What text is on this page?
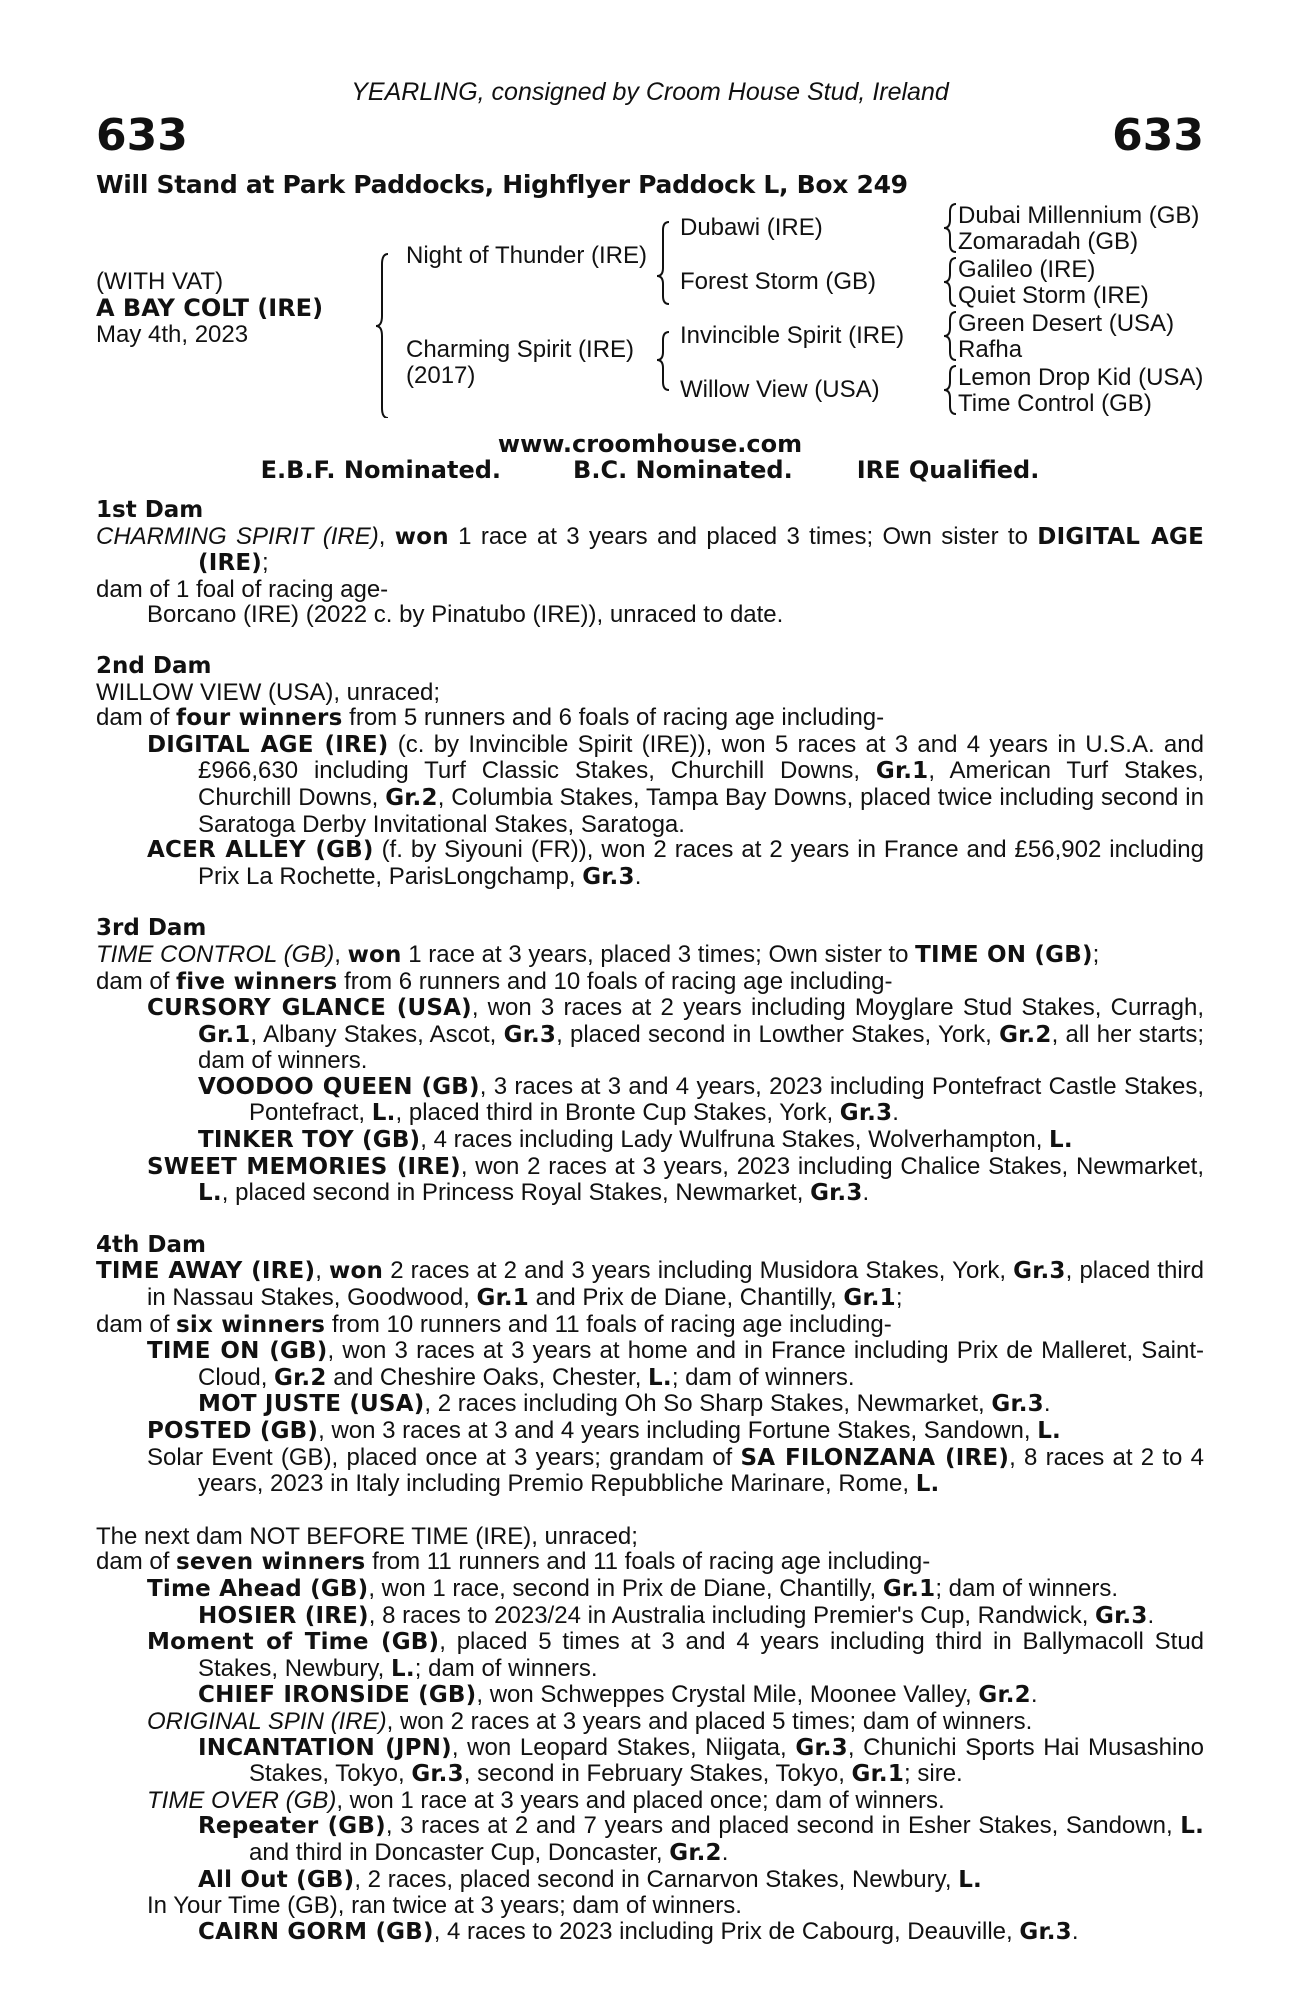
YEARLING, consigned by Croom House Stud, Ireland
633	633
Will Stand at Park Paddocks, Highflyer Paddock L, Box 249
(WITH VAT)
A BAY COLT (IRE)
May 4th, 2023
Night of Thunder (IRE)
Charming Spirit (IRE)
(2017)
Dubawi (IRE)
Forest Storm (GB)
Invincible Spirit (IRE)
Willow View (USA)
Dubai Millennium (GB)
Zomaradah (GB)
Galileo (IRE)
Quiet Storm (IRE)
Green Desert (USA)
Rafha
Lemon Drop Kid (USA)
Time Control (GB)
www.croomhouse.com
E.B.F. Nominated.	B.C. Nominated.	IRE Qualified.
1st Dam
CHARMING SPIRIT (IRE), won 1 race at 3 years and placed 3 times; Own sister to DIGITAL AGE (IRE);
dam of 1 foal of racing age-
Borcano (IRE) (2022 c. by Pinatubo (IRE)), unraced to date.
2nd Dam
WILLOW VIEW (USA), unraced;
dam of four winners from 5 runners and 6 foals of racing age including-
DIGITAL AGE (IRE) (c. by Invincible Spirit (IRE)), won 5 races at 3 and 4 years in U.S.A. and £966,630 including Turf Classic Stakes, Churchill Downs, Gr.1, American Turf Stakes, Churchill Downs, Gr.2, Columbia Stakes, Tampa Bay Downs, placed twice including second in Saratoga Derby Invitational Stakes, Saratoga.
ACER ALLEY (GB) (f. by Siyouni (FR)), won 2 races at 2 years in France and £56,902 including Prix La Rochette, ParisLongchamp, Gr.3.
3rd Dam
TIME CONTROL (GB), won 1 race at 3 years, placed 3 times; Own sister to TIME ON (GB);
dam of five winners from 6 runners and 10 foals of racing age including-
CURSORY GLANCE (USA), won 3 races at 2 years including Moyglare Stud Stakes, Curragh, Gr.1, Albany Stakes, Ascot, Gr.3, placed second in Lowther Stakes, York, Gr.2, all her starts; dam of winners.
VOODOO QUEEN (GB), 3 races at 3 and 4 years, 2023 including Pontefract Castle Stakes, Pontefract, L., placed third in Bronte Cup Stakes, York, Gr.3.
TINKER TOY (GB), 4 races including Lady Wulfruna Stakes, Wolverhampton, L.
SWEET MEMORIES (IRE), won 2 races at 3 years, 2023 including Chalice Stakes, Newmarket, L., placed second in Princess Royal Stakes, Newmarket, Gr.3.
4th Dam
TIME AWAY (IRE), won 2 races at 2 and 3 years including Musidora Stakes, York, Gr.3, placed third in Nassau Stakes, Goodwood, Gr.1 and Prix de Diane, Chantilly, Gr.1;
dam of six winners from 10 runners and 11 foals of racing age including-
TIME ON (GB), won 3 races at 3 years at home and in France including Prix de Malleret, Saint-Cloud, Gr.2 and Cheshire Oaks, Chester, L.; dam of winners.
MOT JUSTE (USA), 2 races including Oh So Sharp Stakes, Newmarket, Gr.3.
POSTED (GB), won 3 races at 3 and 4 years including Fortune Stakes, Sandown, L.
Solar Event (GB), placed once at 3 years; grandam of SA FILONZANA (IRE), 8 races at 2 to 4 years, 2023 in Italy including Premio Repubbliche Marinare, Rome, L.
The next dam NOT BEFORE TIME (IRE), unraced;
dam of seven winners from 11 runners and 11 foals of racing age including-
Time Ahead (GB), won 1 race, second in Prix de Diane, Chantilly, Gr.1; dam of winners.
HOSIER (IRE), 8 races to 2023/24 in Australia including Premier's Cup, Randwick, Gr.3.
Moment of Time (GB), placed 5 times at 3 and 4 years including third in Ballymacoll Stud Stakes, Newbury, L.; dam of winners.
CHIEF IRONSIDE (GB), won Schweppes Crystal Mile, Moonee Valley, Gr.2.
ORIGINAL SPIN (IRE), won 2 races at 3 years and placed 5 times; dam of winners.
INCANTATION (JPN), won Leopard Stakes, Niigata, Gr.3, Chunichi Sports Hai Musashino Stakes, Tokyo, Gr.3, second in February Stakes, Tokyo, Gr.1; sire.
TIME OVER (GB), won 1 race at 3 years and placed once; dam of winners.
Repeater (GB), 3 races at 2 and 7 years and placed second in Esher Stakes, Sandown, L. and third in Doncaster Cup, Doncaster, Gr.2.
All Out (GB), 2 races, placed second in Carnarvon Stakes, Newbury, L.
In Your Time (GB), ran twice at 3 years; dam of winners.
CAIRN GORM (GB), 4 races to 2023 including Prix de Cabourg, Deauville, Gr.3.
